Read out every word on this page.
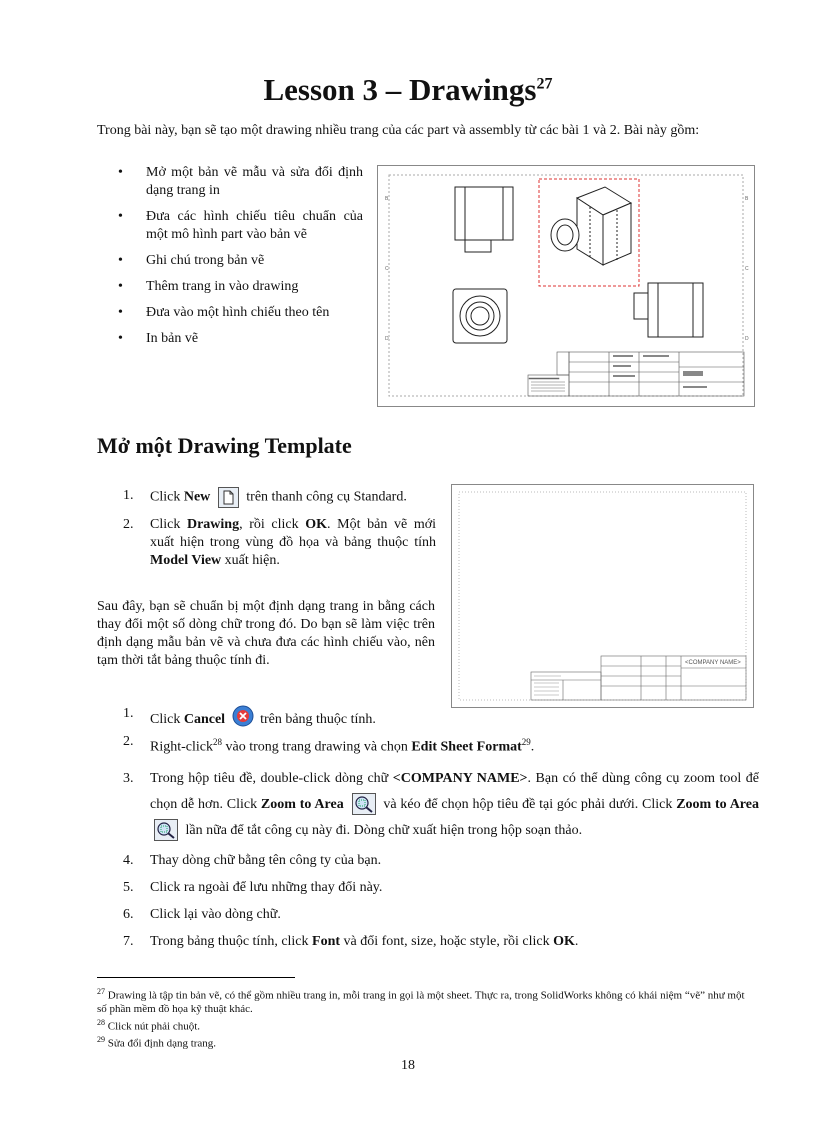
Lesson 3 – Drawings$^{27}$

Trong bài này, bạn sẽ tạo một drawing nhiều trang của các part và assembly từ các bài 1 và 2. Bài này gồm:

• Mở một bản vẽ mẫu và sửa đổi định dạng trang in
• Đưa các hình chiếu tiêu chuẩn của một mô hình part vào bản vẽ
• Ghi chú trong bản vẽ
• Thêm trang in vào drawing
• Đưa vào một hình chiếu theo tên
• In bản vẽ
B
C
D
B
C
D
Mở một Drawing Template
1. Click New
trên thanh công cụ Standard.
2. Click Drawing, rồi click OK. Một bản vẽ mới xuất hiện trong vùng đồ họa và bảng thuộc tính Model View xuất hiện.

Sau đây, bạn sẽ chuẩn bị một định dạng trang in bằng cách thay đổi một số dòng chữ trong đó. Do bạn sẽ làm việc trên định dạng mẫu bản vẽ và chưa đưa các hình chiếu vào, nên tạm thời tắt bảng thuộc tính đi.	<COMPANY NAME>
1. Click Cancel  trên bảng thuộc tính.
2. Right-click$^{28}$ vào trong trang drawing và chọn Edit Sheet Format$^{29}$.
3. Trong hộp tiêu đề, double-click dòng chữ <COMPANY NAME>. Bạn có thể dùng công cụ zoom tool để chọn dễ hơn. Click Zoom to Area	và kéo để chọn hộp tiêu đề tại góc phải dưới. Click Zoom to Area
lần nữa để tắt công cụ này đi. Dòng chữ xuất hiện trong hộp soạn thảo.
4. Thay dòng chữ bằng tên công ty của bạn.
5. Click ra ngoài để lưu những thay đổi này.
6. Click lại vào dòng chữ.
7. Trong bảng thuộc tính, click Font và đổi font, size, hoặc style, rồi click OK.

$^{27}$ Drawing là tập tin bản vẽ, có thể gồm nhiều trang in, mỗi trang in gọi là một sheet. Thực ra, trong SolidWorks không có khái niệm “vẽ” như một số phần mềm đồ họa kỹ thuật khác.

$^{28}$ Click nút phải chuột.

$^{29}$ Sửa đổi định dạng trang.

18
